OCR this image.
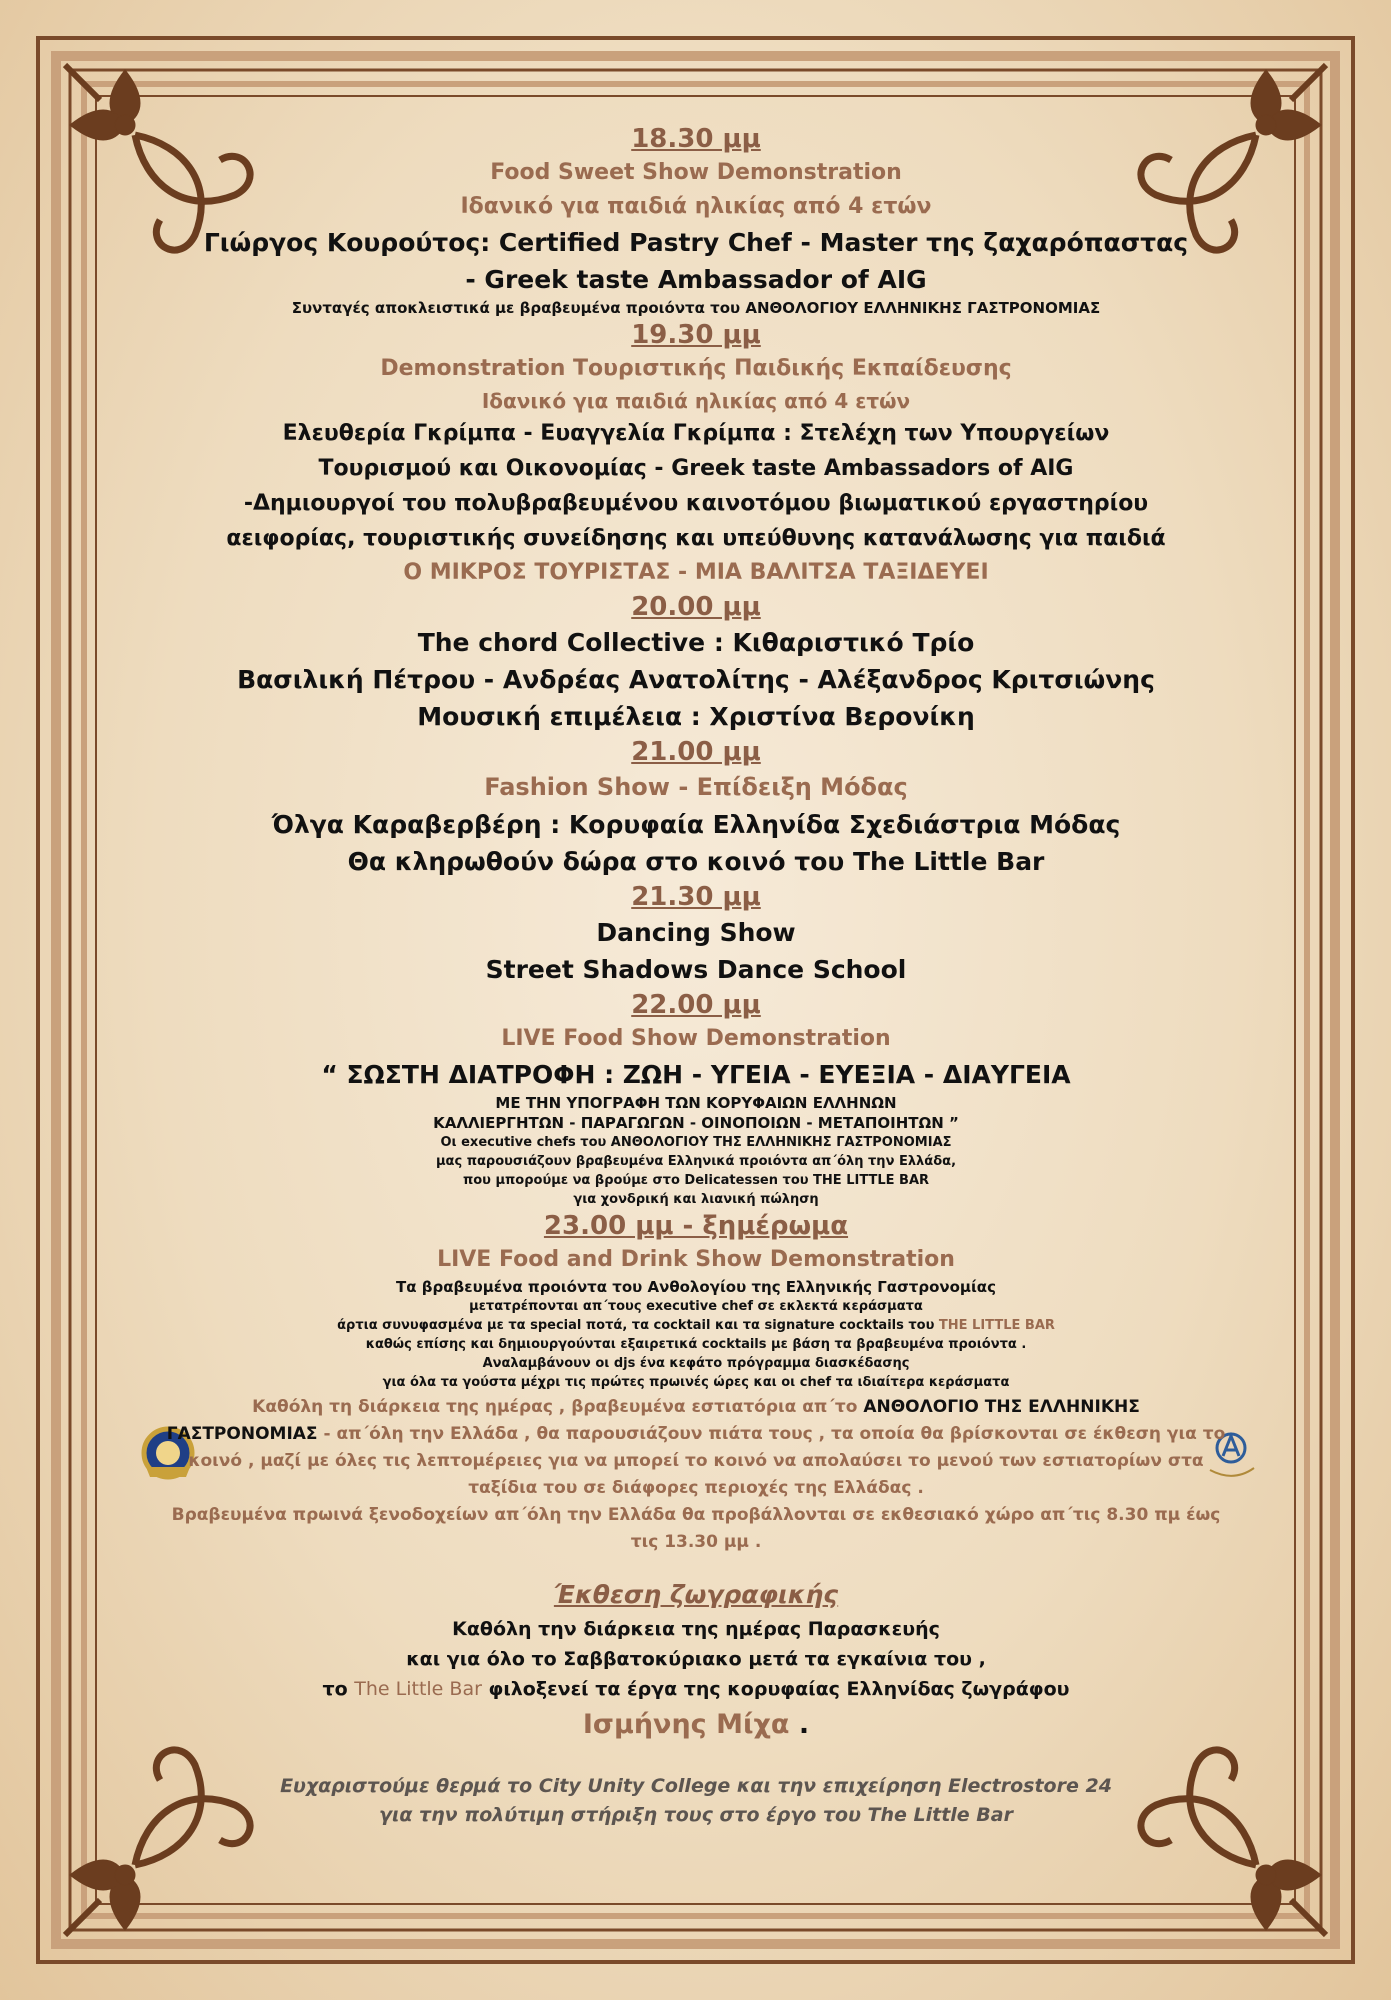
18.30 μμ
Food Sweet Show Demonstration
Ιδανικό για παιδιά ηλικίας από 4 ετών
Γιώργος Κουρούτος: Certified Pastry Chef - Master της ζαχαρόπαστας
- Greek taste Ambassador of AIG
Συνταγές αποκλειστικά με βραβευμένα προιόντα του ΑΝΘΟΛΟΓΙΟΥ ΕΛΛΗΝΙΚΗΣ ΓΑΣΤΡΟΝΟΜΙΑΣ
19.30 μμ
Demonstration Τουριστικής Παιδικής Εκπαίδευσης
Ιδανικό για παιδιά ηλικίας από 4 ετών
Ελευθερία Γκρίμπα - Ευαγγελία Γκρίμπα : Στελέχη των Υπουργείων
Τουρισμού και Οικονομίας - Greek taste Ambassadors of AIG
-Δημιουργοί του πολυβραβευμένου καινοτόμου βιωματικού εργαστηρίου
αειφορίας, τουριστικής συνείδησης και υπεύθυνης κατανάλωσης για παιδιά
Ο ΜΙΚΡΟΣ ΤΟΥΡΙΣΤΑΣ - ΜΙΑ ΒΑΛΙΤΣΑ ΤΑΞΙΔΕΥΕΙ
20.00 μμ
The chord Collective : Κιθαριστικό Τρίο
Βασιλική Πέτρου - Ανδρέας Ανατολίτης - Αλέξανδρος Κριτσιώνης
Μουσική επιμέλεια : Χριστίνα Βερονίκη
21.00 μμ
Fashion Show - Επίδειξη Μόδας
Όλγα Καραβερβέρη : Κορυφαία Ελληνίδα Σχεδιάστρια Μόδας
Θα κληρωθούν δώρα στο κοινό του The Little Bar
21.30 μμ
Dancing Show
Street Shadows Dance School
22.00 μμ
LIVE Food Show Demonstration
“ ΣΩΣΤΗ ΔΙΑΤΡΟΦΗ : ΖΩΗ - ΥΓΕΙΑ - ΕΥΕΞΙΑ - ΔΙΑΥΓΕΙΑ
ΜΕ ΤΗΝ ΥΠΟΓΡΑΦΗ ΤΩΝ ΚΟΡΥΦΑΙΩΝ ΕΛΛΗΝΩΝ
ΚΑΛΛΙΕΡΓΗΤΩΝ - ΠΑΡΑΓΩΓΩΝ - ΟΙΝΟΠΟΙΩΝ - ΜΕΤΑΠΟΙΗΤΩΝ ”
Οι executive chefs του ΑΝΘΟΛΟΓΙΟΥ ΤΗΣ ΕΛΛΗΝΙΚΗΣ ΓΑΣΤΡΟΝΟΜΙΑΣ
μας παρουσιάζουν βραβευμένα Ελληνικά προιόντα απ΄όλη την Ελλάδα,
που μπορούμε να βρούμε στο Delicatessen του THE LITTLE BAR
για χονδρική και λιανική πώληση
23.00 μμ - ξημέρωμα
LIVE Food and Drink Show Demonstration
Τα βραβευμένα προιόντα του Ανθολογίου της Ελληνικής Γαστρονομίας
μετατρέπονται απ΄τους executive chef σε εκλεκτά κεράσματα
άρτια συνυφασμένα με τα special ποτά, τα cocktail και τα signature cocktails του THE LITTLE BAR
καθώς επίσης και δημιουργούνται εξαιρετικά cocktails με βάση τα βραβευμένα προιόντα .
Αναλαμβάνουν οι djs ένα κεφάτο πρόγραμμα διασκέδασης
για όλα τα γούστα μέχρι τις πρώτες πρωινές ώρες και οι chef τα ιδιαίτερα κεράσματα
Καθόλη τη διάρκεια της ημέρας , βραβευμένα εστιατόρια απ΄το ΑΝΘΟΛΟΓΙΟ ΤΗΣ ΕΛΛΗΝΙΚΗΣ
ΓΑΣΤΡΟΝΟΜΙΑΣ - απ΄όλη την Ελλάδα , θα παρουσιάζουν πιάτα τους , τα οποία θα βρίσκονται σε έκθεση για το
κοινό , μαζί με όλες τις λεπτομέρειες για να μπορεί το κοινό να απολαύσει το μενού των εστιατορίων στα
ταξίδια του σε διάφορες περιοχές της Ελλάδας .
Βραβευμένα πρωινά ξενοδοχείων απ΄όλη την Ελλάδα θα προβάλλονται σε εκθεσιακό χώρο απ΄τις 8.30 πμ έως
τις 13.30 μμ .
Έκθεση ζωγραφικής
Καθόλη την διάρκεια της ημέρας Παρασκευής
και για όλο το Σαββατοκύριακο μετά τα εγκαίνια του ,
το The Little Bar φιλοξενεί τα έργα της κορυφαίας Ελληνίδας ζωγράφου
Ισμήνης Μίχα .
Ευχαριστούμε θερμά το City Unity College και την επιχείρηση Electrostore 24
για την πολύτιμη στήριξη τους στο έργο του The Little Bar
